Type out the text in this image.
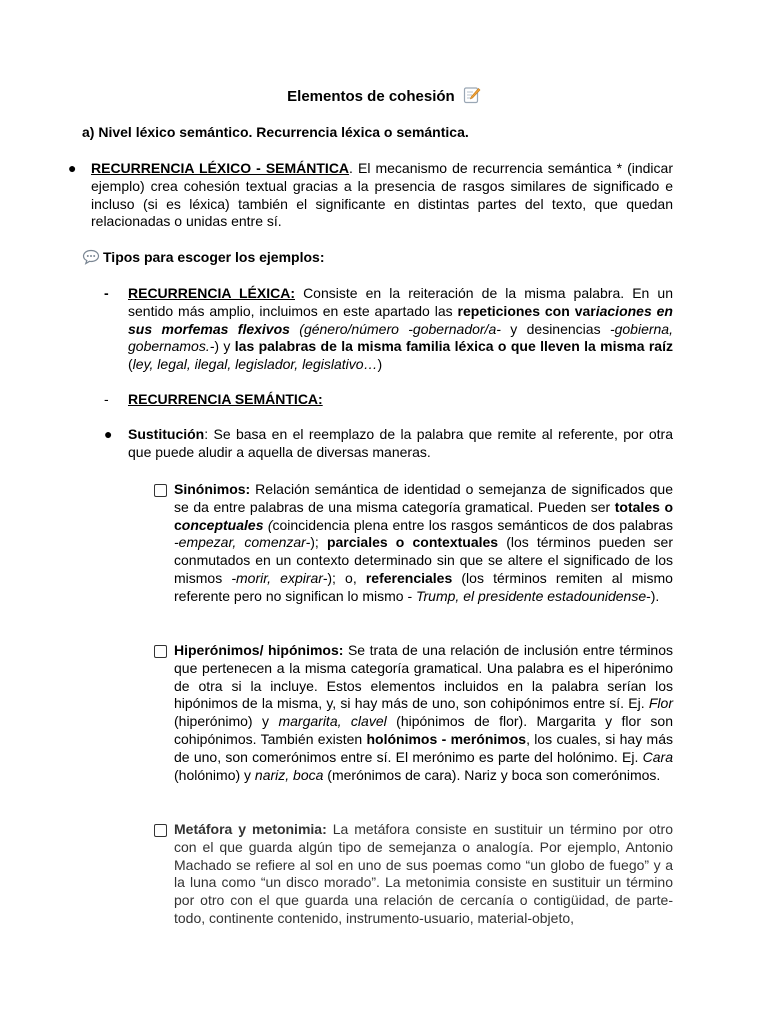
Elementos de cohesión
a) Nivel léxico semántico. Recurrencia léxica o semántica.
● RECURRENCIA LÉXICO - SEMÁNTICA. El mecanismo de recurrencia semántica * (indicar ejemplo) crea cohesión textual gracias a la presencia de rasgos similares de significado e incluso (si es léxica) también el significante en distintas partes del texto, que quedan relacionadas o unidas entre sí.
Tipos para escoger los ejemplos:
- RECURRENCIA LÉXICA: Consiste en la reiteración de la misma palabra. En un sentido más amplio, incluimos en este apartado las repeticiones con variaciones en sus morfemas flexivos (género/número -gobernador/a- y desinencias -gobierna, gobernamos.-) y las palabras de la misma familia léxica o que lleven la misma raíz (ley, legal, ilegal, legislador, legislativo…)
- RECURRENCIA SEMÁNTICA:
● Sustitución: Se basa en el reemplazo de la palabra que remite al referente, por otra que puede aludir a aquella de diversas maneras.
Sinónimos: Relación semántica de identidad o semejanza de significados que se da entre palabras de una misma categoría gramatical. Pueden ser totales o conceptuales (coincidencia plena entre los rasgos semánticos de dos palabras -empezar, comenzar-); parciales o contextuales (los términos pueden ser conmutados en un contexto determinado sin que se altere el significado de los mismos -morir, expirar-); o, referenciales (los términos remiten al mismo referente pero no significan lo mismo - Trump, el presidente estadounidense-).
Hiperónimos/ hipónimos: Se trata de una relación de inclusión entre términos que pertenecen a la misma categoría gramatical. Una palabra es el hiperónimo de otra si la incluye. Estos elementos incluidos en la palabra serían los hipónimos de la misma, y, si hay más de uno, son cohipónimos entre sí. Ej. Flor (hiperónimo) y margarita, clavel (hipónimos de flor). Margarita y flor son cohipónimos. También existen holónimos - merónimos, los cuales, si hay más de uno, son comerónimos entre sí. El merónimo es parte del holónimo. Ej. Cara (holónimo) y nariz, boca (merónimos de cara). Nariz y boca son comerónimos.
Metáfora y metonimia: La metáfora consiste en sustituir un término por otro con el que guarda algún tipo de semejanza o analogía. Por ejemplo, Antonio Machado se refiere al sol en uno de sus poemas como “un globo de fuego” y a la luna como “un disco morado”. La metonimia consiste en sustituir un término por otro con el que guarda una relación de cercanía o contigüidad, de parte-todo, continente contenido, instrumento-usuario, material-objeto,
